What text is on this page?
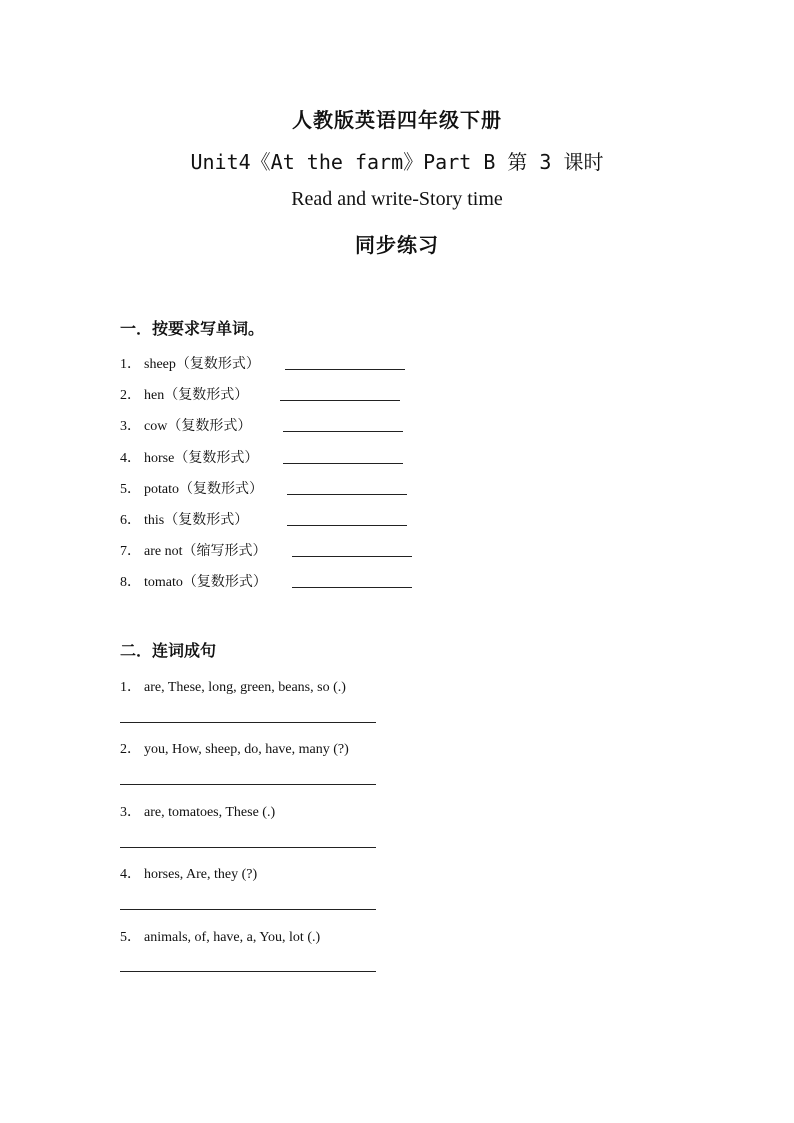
人教版英语四年级下册
Unit4《At the farm》Part B 第 3 课时
Read and write-Story time
同步练习
一．按要求写单词。
1． sheep（复数形式）
2． hen（复数形式）
3． cow（复数形式）
4． horse（复数形式）
5． potato（复数形式）
6． this（复数形式）
7． are not（缩写形式）
8． tomato（复数形式）
二．连词成句
1． are, These, long, green, beans, so (.)
2． you, How, sheep, do, have, many (?)
3． are, tomatoes, These (.)
4． horses, Are, they (?)
5． animals, of, have, a, You, lot (.)
